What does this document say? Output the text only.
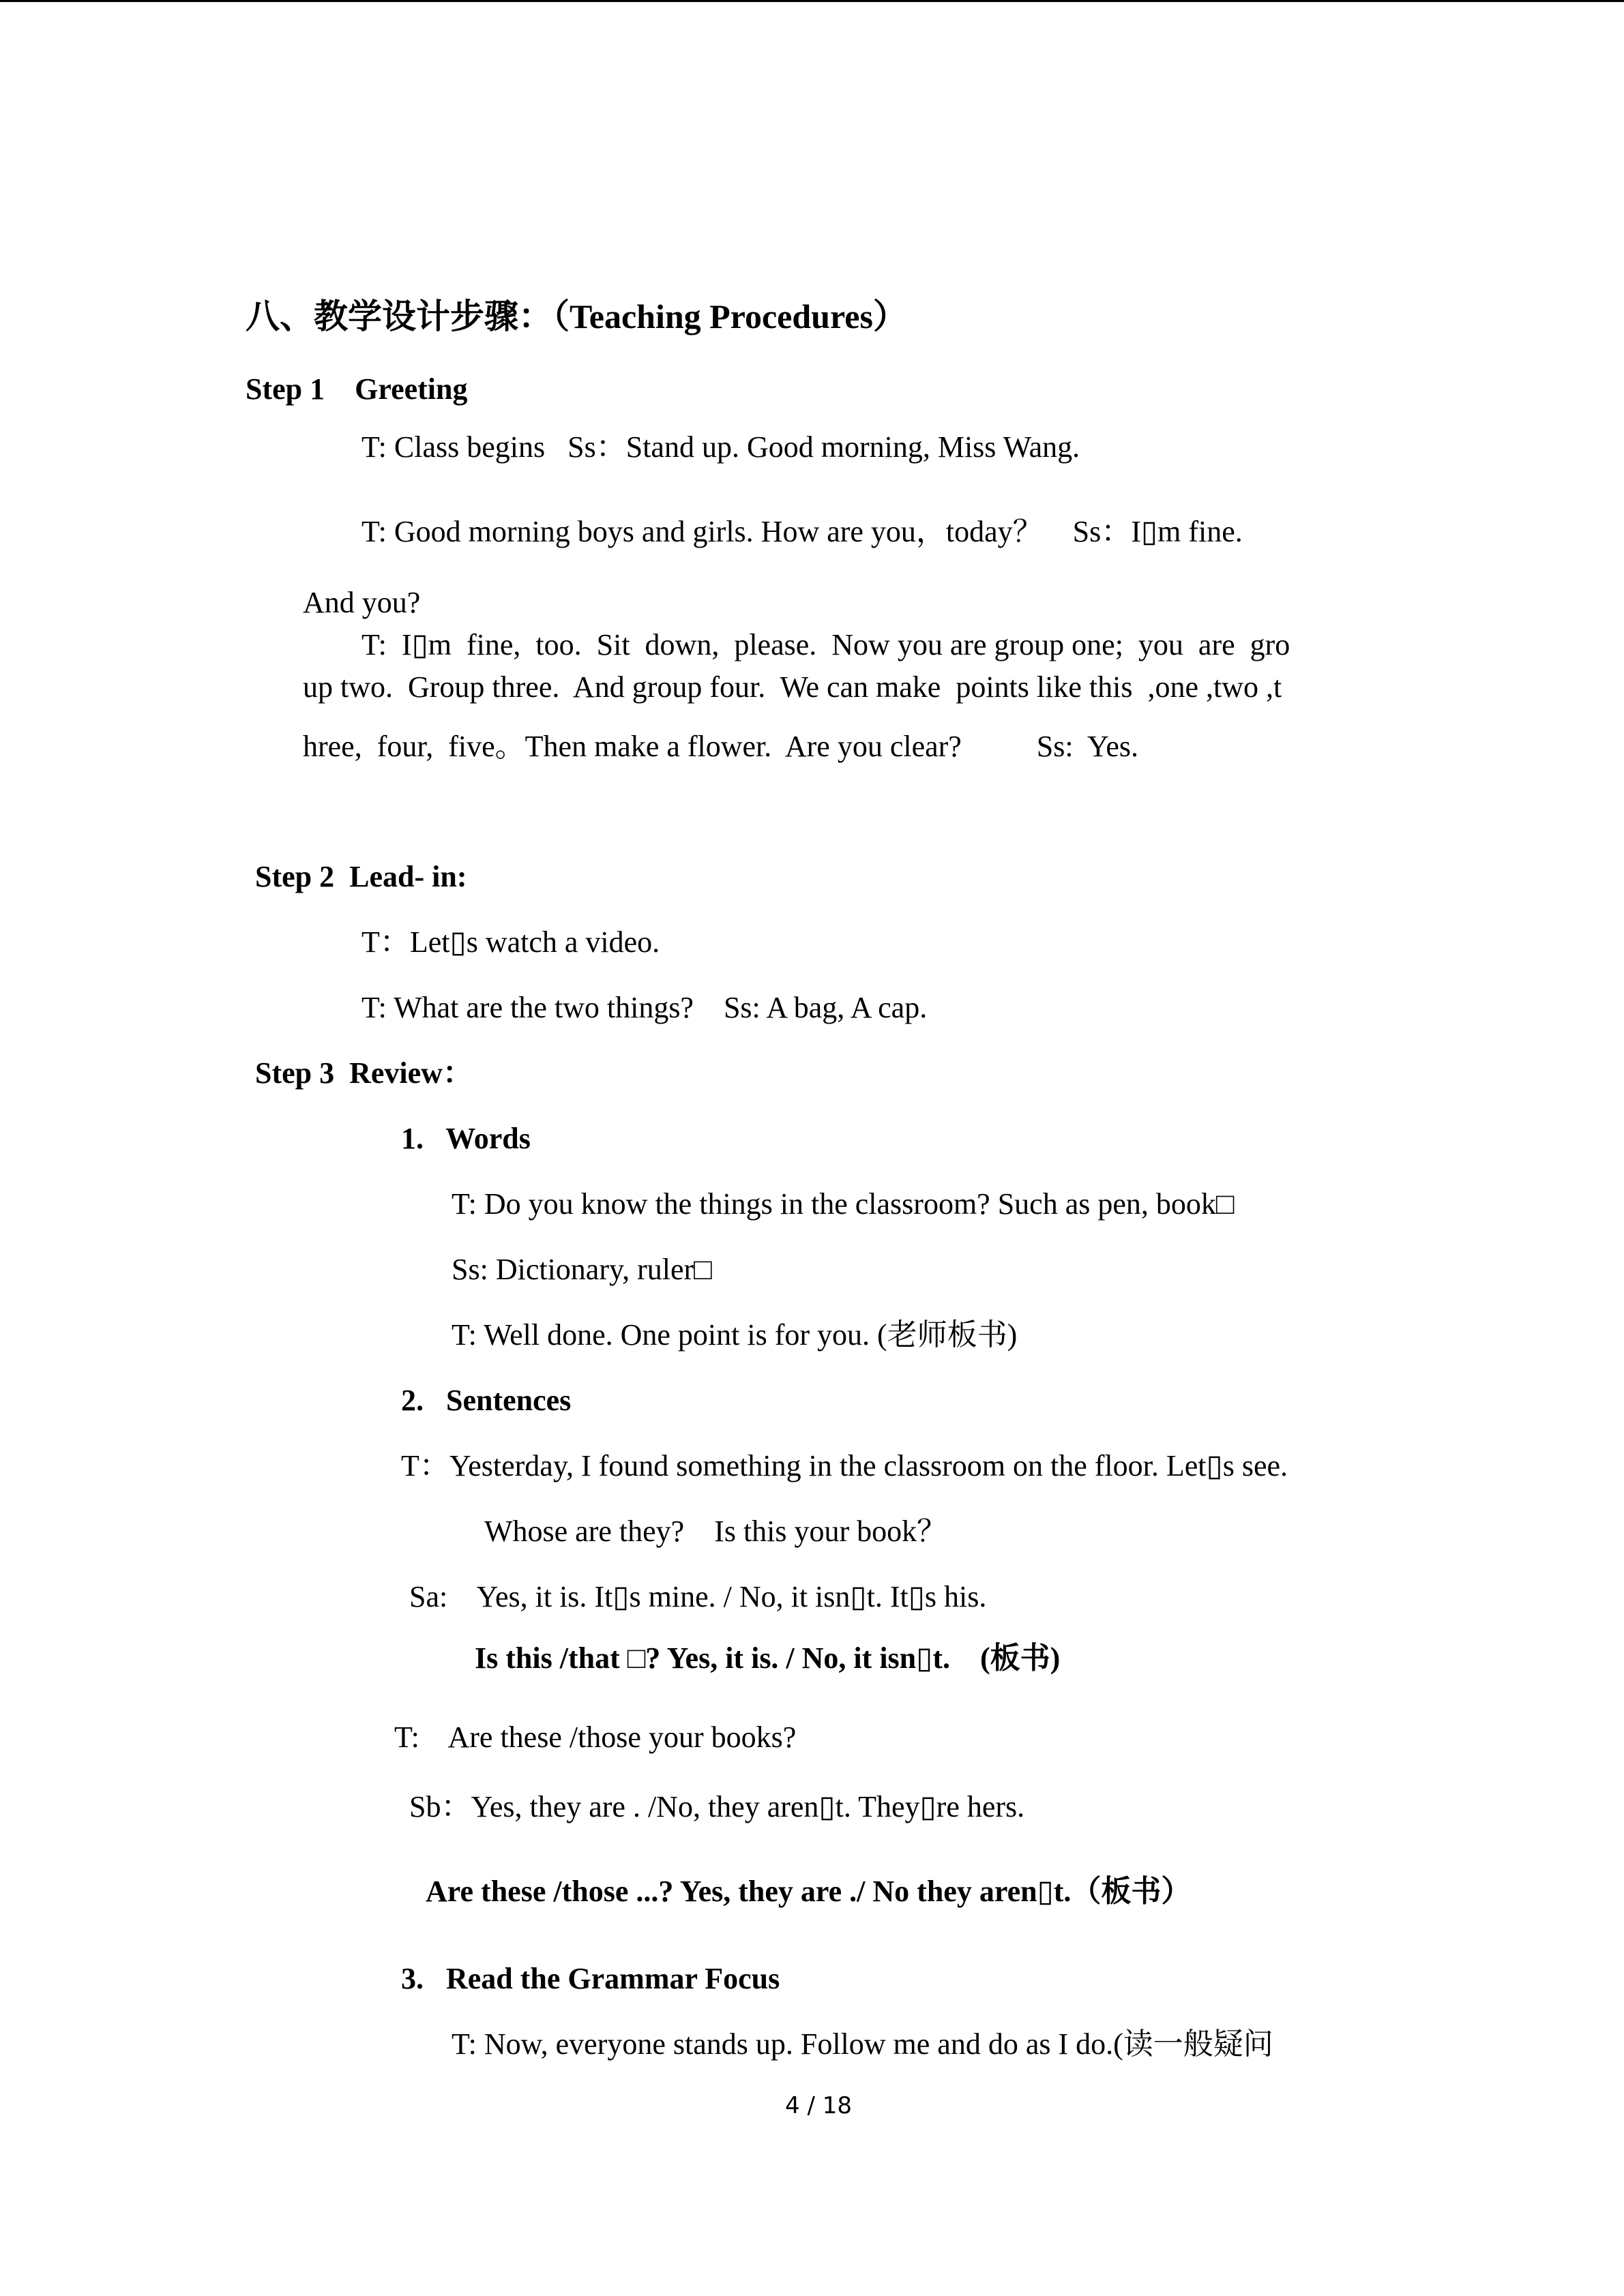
八、教学设计步骤：（Teaching Procedures）
Step 1    Greeting
T: Class begins   Ss：Stand up. Good morning, Miss Wang.
T: Good morning boys and girls. How are you，today？    Ss：I▯m fine.
And you?
T:  I▯m  fine,  too.  Sit  down,  please.  Now you are group one;  you  are  gro
up two.  Group three.  And group four.  We can make  points like this  ,one ,two ,t
hree,  four,  five。Then make a flower.  Are you clear?          Ss:  Yes.
Step 2  Lead- in:
T：Let▯s watch a video.
T: What are the two things?    Ss: A bag, A cap.
Step 3  Review：
1.   Words
T: Do you know the things in the classroom? Such as pen, book□
Ss: Dictionary, ruler□
T: Well done. One point is for you. (老师板书)
2.   Sentences
T：Yesterday, I found something in the classroom on the floor. Let▯s see.
Whose are they?    Is this your book？
Sa:    Yes, it is. It▯s mine. / No, it isn▯t. It▯s his.
Is this /that □? Yes, it is. / No, it isn▯t.    (板书)
T:    Are these /those your books?
Sb：Yes, they are . /No, they aren▯t. They▯re hers.
Are these /those ...? Yes, they are ./ No they aren▯t.（板书）
3.   Read the Grammar Focus
T: Now, everyone stands up. Follow me and do as I do.(读一般疑问
4 / 18
